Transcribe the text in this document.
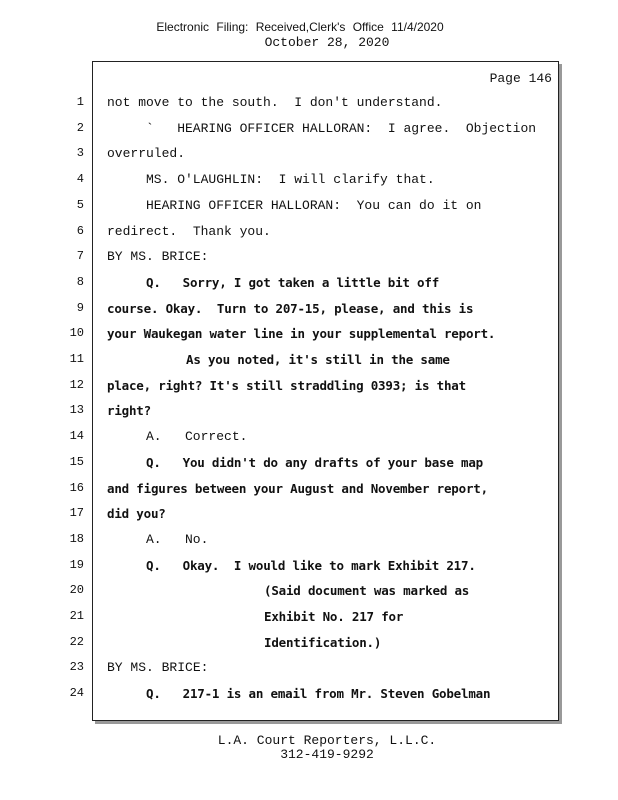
Electronic Filing: Received,Clerk's Office 11/4/2020
October 28, 2020
Page 146
1 not move to the south.  I don't understand.
2	`   HEARING OFFICER HALLORAN:  I agree.  Objection
3 overruled.
4	MS. O'LAUGHLIN:  I will clarify that.
5	HEARING OFFICER HALLORAN:  You can do it on
6 redirect.  Thank you.
7 BY MS. BRICE:
8	Q.   Sorry, I got taken a little bit off
9 course. Okay.  Turn to 207-15, please, and this is
10 your Waukegan water line in your supplemental report.
11	As you noted, it's still in the same
12 place, right? It's still straddling 0393; is that
13 right?
14	A.   Correct.
15	Q.   You didn't do any drafts of your base map
16 and figures between your August and November report,
17 did you?
18	A.   No.
19	Q.   Okay.  I would like to mark Exhibit 217.
20	(Said document was marked as
21	Exhibit No. 217 for
22	Identification.)
23 BY MS. BRICE:
24	Q.   217-1 is an email from Mr. Steven Gobelman
L.A. Court Reporters, L.L.C.
312-419-9292
